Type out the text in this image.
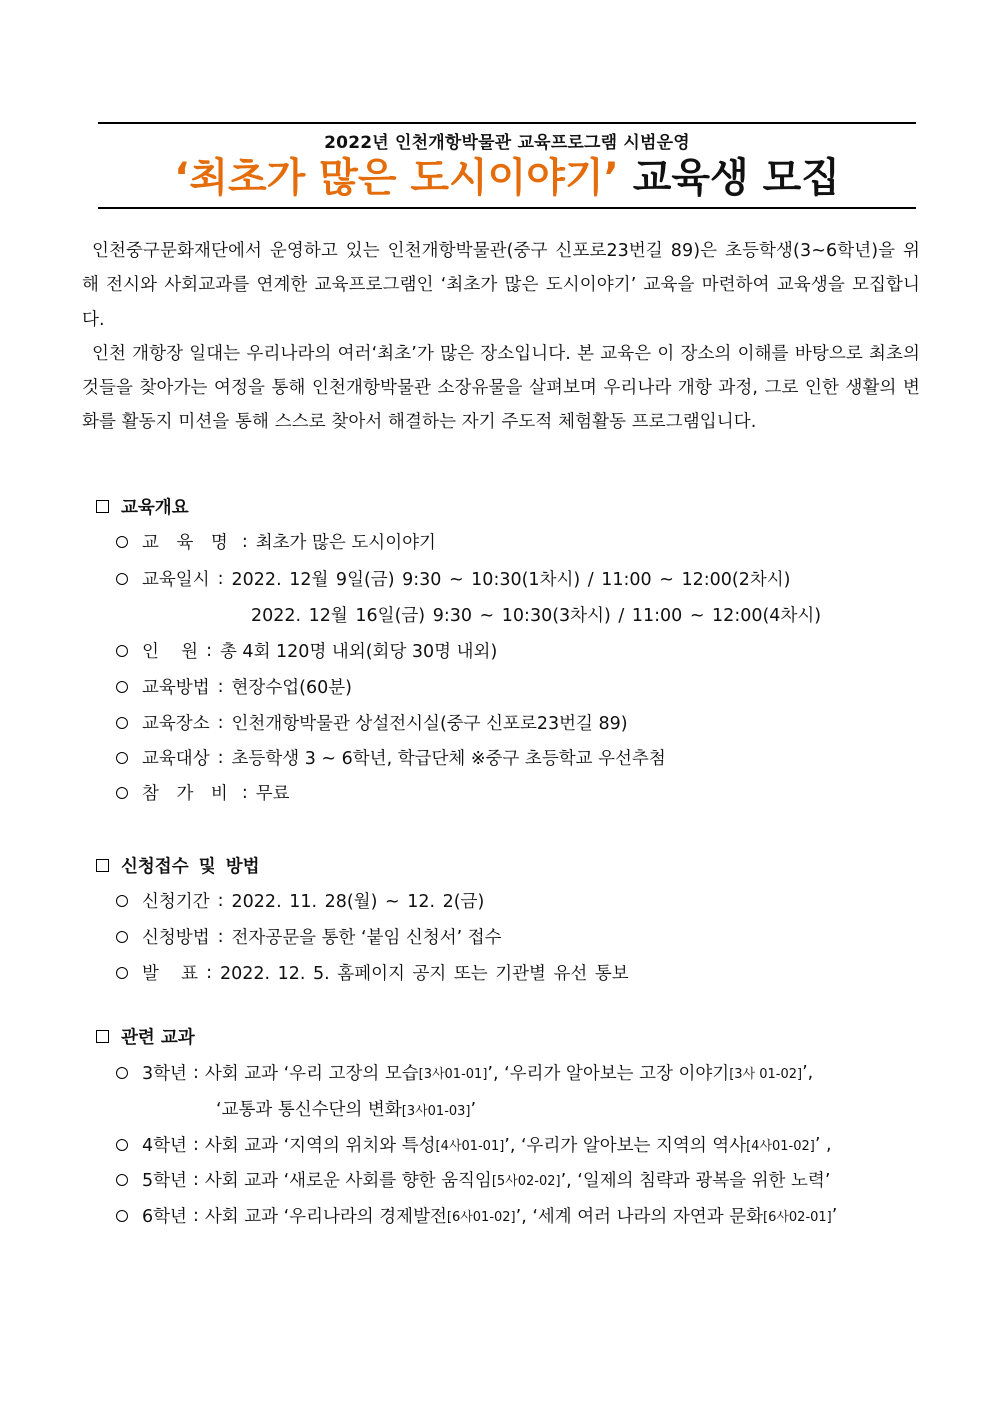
2022년 인천개항박물관 교육프로그램 시범운영
‘최초가 많은 도시이야기’ 교육생 모집

인천중구문화재단에서 운영하고 있는 인천개항박물관(중구 신포로23번길 89)은 초등학생(3~6학년)을 위해 전시와 사회교과를 연계한 교육프로그램인 ‘최초가 많은 도시이야기’ 교육을 마련하여 교육생을 모집합니다.

인천 개항장 일대는 우리나라의 여러‘최초’가 많은 장소입니다. 본 교육은 이 장소의 이해를 바탕으로 최초의 것들을 찾아가는 여정을 통해 인천개항박물관 소장유물을 살펴보며 우리나라 개항 과정, 그로 인한 생활의 변화를 활동지 미션을 통해 스스로 찾아서 해결하는 자기 주도적 체험활동 프로그램입니다.

교육개요
교 육 명 : 최초가 많은 도시이야기
교육일시 : 2022. 12월 9일(금) 9:30 ~ 10:30(1차시) / 11:00 ~ 12:00(2차시)
2022. 12월 16일(금) 9:30 ~ 10:30(3차시) / 11:00 ~ 12:00(4차시)
인    원 : 총 4회 120명 내외(회당 30명 내외)
교육방법 : 현장수업(60분)
교육장소 : 인천개항박물관 상설전시실(중구 신포로23번길 89)
교육대상 : 초등학생 3 ~ 6학년, 학급단체 ※중구 초등학교 우선추첨
참 가 비 : 무료
신청접수 및 방법
신청기간 : 2022. 11. 28(월) ~ 12. 2(금)
신청방법 : 전자공문을 통한 ‘붙임 신청서’ 접수
발    표 : 2022. 12. 5. 홈페이지 공지 또는 기관별 유선 통보
관련 교과
3학년 : 사회 교과 ‘우리 고장의 모습 [3사01-01] ’, ‘우리가 알아보는 고장 이야기 [3사 01-02] ’,
‘교통과 통신수단의 변화[3사01-03]’
4학년 : 사회 교과 ‘지역의 위치와 특성 [4사01-01] ’, ‘우리가 알아보는 지역의 역사 [4사01-02] ’ ,
5학년 : 사회 교과 ‘새로운 사회를 향한 움직임 [5사02-02] ’, ‘일제의 침략과 광복을 위한 노력’
6학년 : 사회 교과 ‘우리나라의 경제발전 [6사01-02] ’, ‘세계 여러 나라의 자연과 문화 [6사02-01] ’
